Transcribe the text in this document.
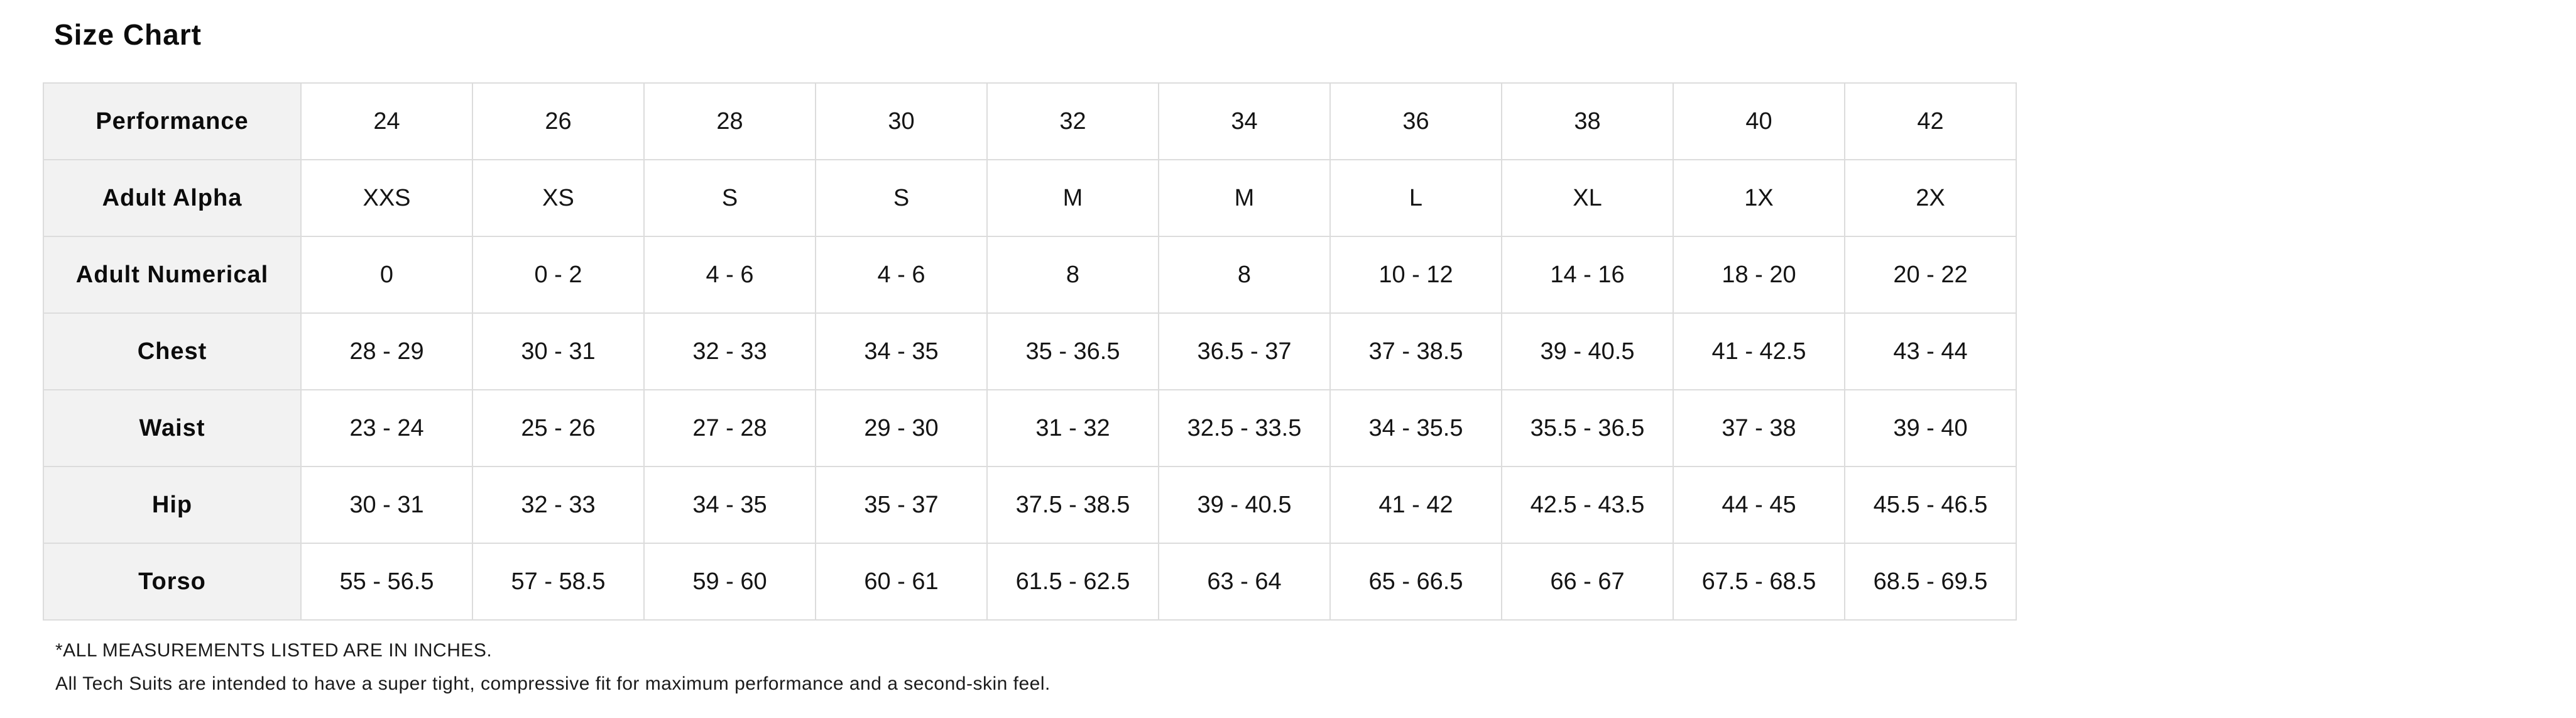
Size Chart
Performance	24	26	28	30	32	34	36	38	40	42
Adult Alpha	XXS	XS	S	S	M	M	L	XL	1X	2X
Adult Numerical	0	0 - 2	4 - 6	4 - 6	8	8	10 - 12	14 - 16	18 - 20	20 - 22
Chest	28 - 29	30 - 31	32 - 33	34 - 35	35 - 36.5	36.5 - 37	37 - 38.5	39 - 40.5	41 - 42.5	43 - 44
Waist	23 - 24	25 - 26	27 - 28	29 - 30	31 - 32	32.5 - 33.5	34 - 35.5	35.5 - 36.5	37 - 38	39 - 40
Hip	30 - 31	32 - 33	34 - 35	35 - 37	37.5 - 38.5	39 - 40.5	41 - 42	42.5 - 43.5	44 - 45	45.5 - 46.5
Torso	55 - 56.5	57 - 58.5	59 - 60	60 - 61	61.5 - 62.5	63 - 64	65 - 66.5	66 - 67	67.5 - 68.5	68.5 - 69.5
*ALL MEASUREMENTS LISTED ARE IN INCHES.
All Tech Suits are intended to have a super tight, compressive fit for maximum performance and a second-skin feel.
